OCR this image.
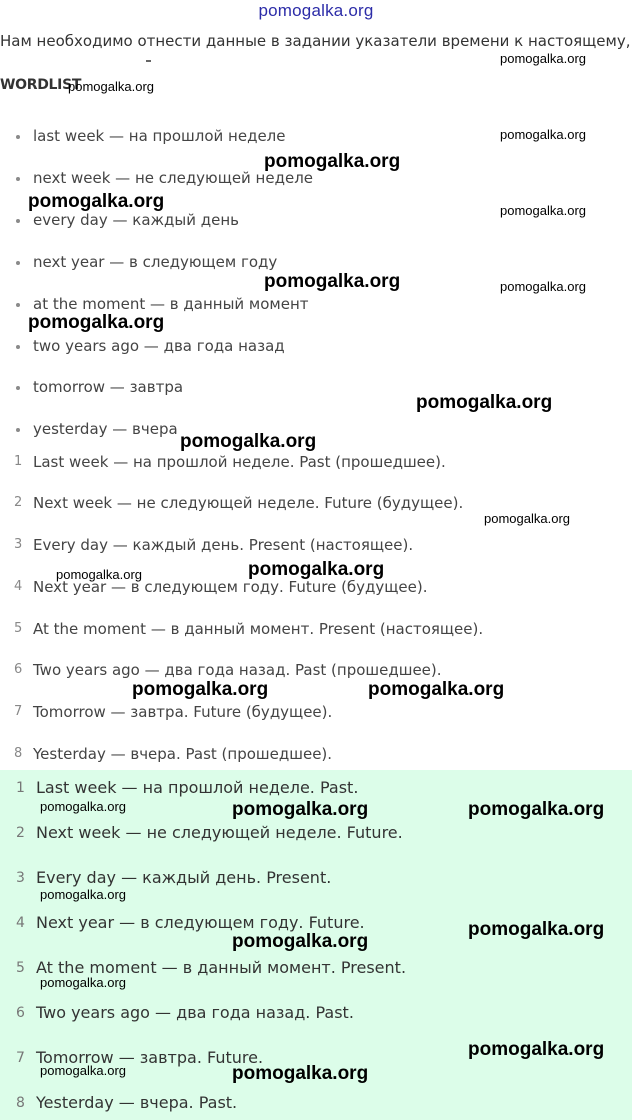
pomogalka.org
Нам необходимо отнести данные в задании указатели времени к настоящему,
WORDLIST
last week — на прошлой неделе
next week — не следующей неделе
every day — каждый день
next year — в следующем году
at the moment — в данный момент
two years ago — два года назад
tomorrow — завтра
yesterday — вчера
1 Last week — на прошлой неделе. Past (прошедшее).
2 Next week — не следующей неделе. Future (будущее).
3 Every day — каждый день. Present (настоящее).
4 Next year — в следующем году. Future (будущее).
5 At the moment — в данный момент. Present (настоящее).
6 Two years ago — два года назад. Past (прошедшее).
7 Tomorrow — завтра. Future (будущее).
8 Yesterday — вчера. Past (прошедшее).
1 Last week — на прошлой неделе. Past.
2 Next week — не следующей неделе. Future.
3 Every day — каждый день. Present.
4 Next year — в следующем году. Future.
5 At the moment — в данный момент. Present.
6 Two years ago — два года назад. Past.
7 Tomorrow — завтра. Future.
8 Yesterday — вчера. Past.
pomogalka.org
pomogalka.org
pomogalka.org
pomogalka.org
pomogalka.org	pomogalka.org
pomogalka.org	pomogalka.org
pomogalka.org
pomogalka.org
pomogalka.org
pomogalka.org
pomogalka.org
pomogalka.org
pomogalka.org	pomogalka.org
pomogalka.org	pomogalka.org	pomogalka.org
pomogalka.org
pomogalka.org
pomogalka.org
pomogalka.org
pomogalka.org
pomogalka.org	pomogalka.org
